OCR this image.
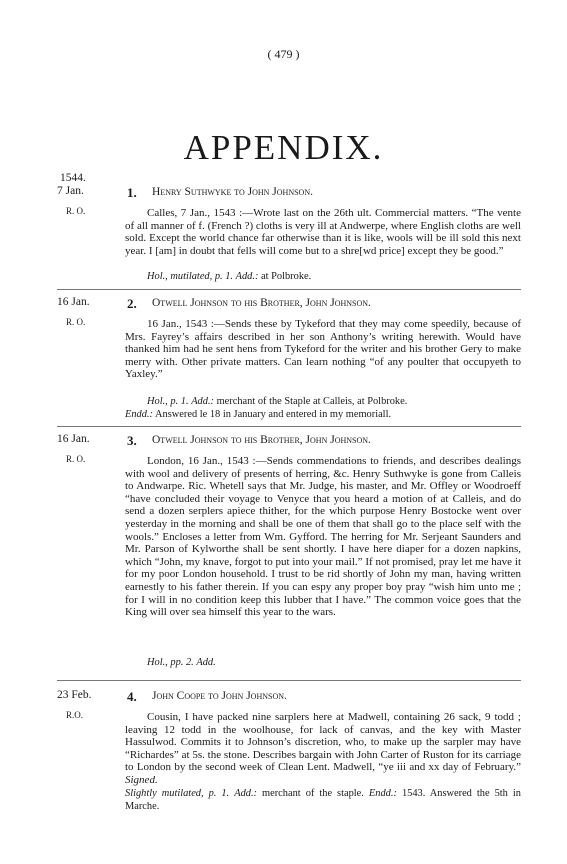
( 479 )
APPENDIX.
1544.
7 Jan.
R. O.
1. Henry Suthwyke to John Johnson.

Calles, 7 Jan., 1543 :—Wrote last on the 26th ult. Commercial matters. “The vente of all manner of f. (French ?) cloths is very ill at Andwerpe, where English cloths are well sold. Except the world chance far otherwise than it is like, wools will be ill sold this next year. I [am] in doubt that fells will come but to a shre[wd price] except they be good.”

Hol., mutilated, p. 1. Add.: at Polbroke.

16 Jan.
R. O.
2. Otwell Johnson to his Brother, John Johnson.

16 Jan., 1543 :—Sends these by Tykeford that they may come speedily, because of Mrs. Fayrey’s affairs described in her son Anthony’s writing herewith. Would have thanked him had he sent hens from Tykeford for the writer and his brother Gery to make merry with. Other private matters. Can learn nothing “of any poulter that occupyeth to Yaxley.”

Hol., p. 1. Add.: merchant of the Staple at Calleis, at Polbroke.

Endd.: Answered le 18 in January and entered in my memoriall.

16 Jan.
R. O.
3. Otwell Johnson to his Brother, John Johnson.

London, 16 Jan., 1543 :—Sends commendations to friends, and describes dealings with wool and delivery of presents of herring, &c. Henry Suthwyke is gone from Calleis to Andwarpe. Ric. Whetell says that Mr. Judge, his master, and Mr. Offley or Woodroeff “have concluded their voyage to Venyce that you heard a motion of at Calleis, and do send a dozen serplers apiece thither, for the which purpose Henry Bostocke went over yesterday in the morning and shall be one of them that shall go to the place self with the wools.” Encloses a letter from Wm. Gyfford. The herring for Mr. Serjeant Saunders and Mr. Parson of Kylworthe shall be sent shortly. I have here diaper for a dozen napkins, which “John, my knave, forgot to put into your mail.” If not promised, pray let me have it for my poor London household. I trust to be rid shortly of John my man, having written earnestly to his father therein. If you can espy any proper boy pray “wish him unto me ; for I will in no condition keep this lubber that I have.” The common voice goes that the King will over sea himself this year to the wars.

Hol., pp. 2. Add.

23 Feb.
R.O.
4. John Coope to John Johnson.

Cousin, I have packed nine sarplers here at Madwell, containing 26 sack, 9 todd ; leaving 12 todd in the woolhouse, for lack of canvas, and the key with Master Hassulwod. Commits it to Johnson’s discretion, who, to make up the sarpler may have “Richardes” at 5s. the stone. Describes bargain with John Carter of Ruston for its carriage to London by the second week of Clean Lent. Madwell, “ye iii and xx day of February.” Signed.

Slightly mutilated, p. 1. Add.: merchant of the staple. Endd.: 1543. Answered the 5th in Marche.
